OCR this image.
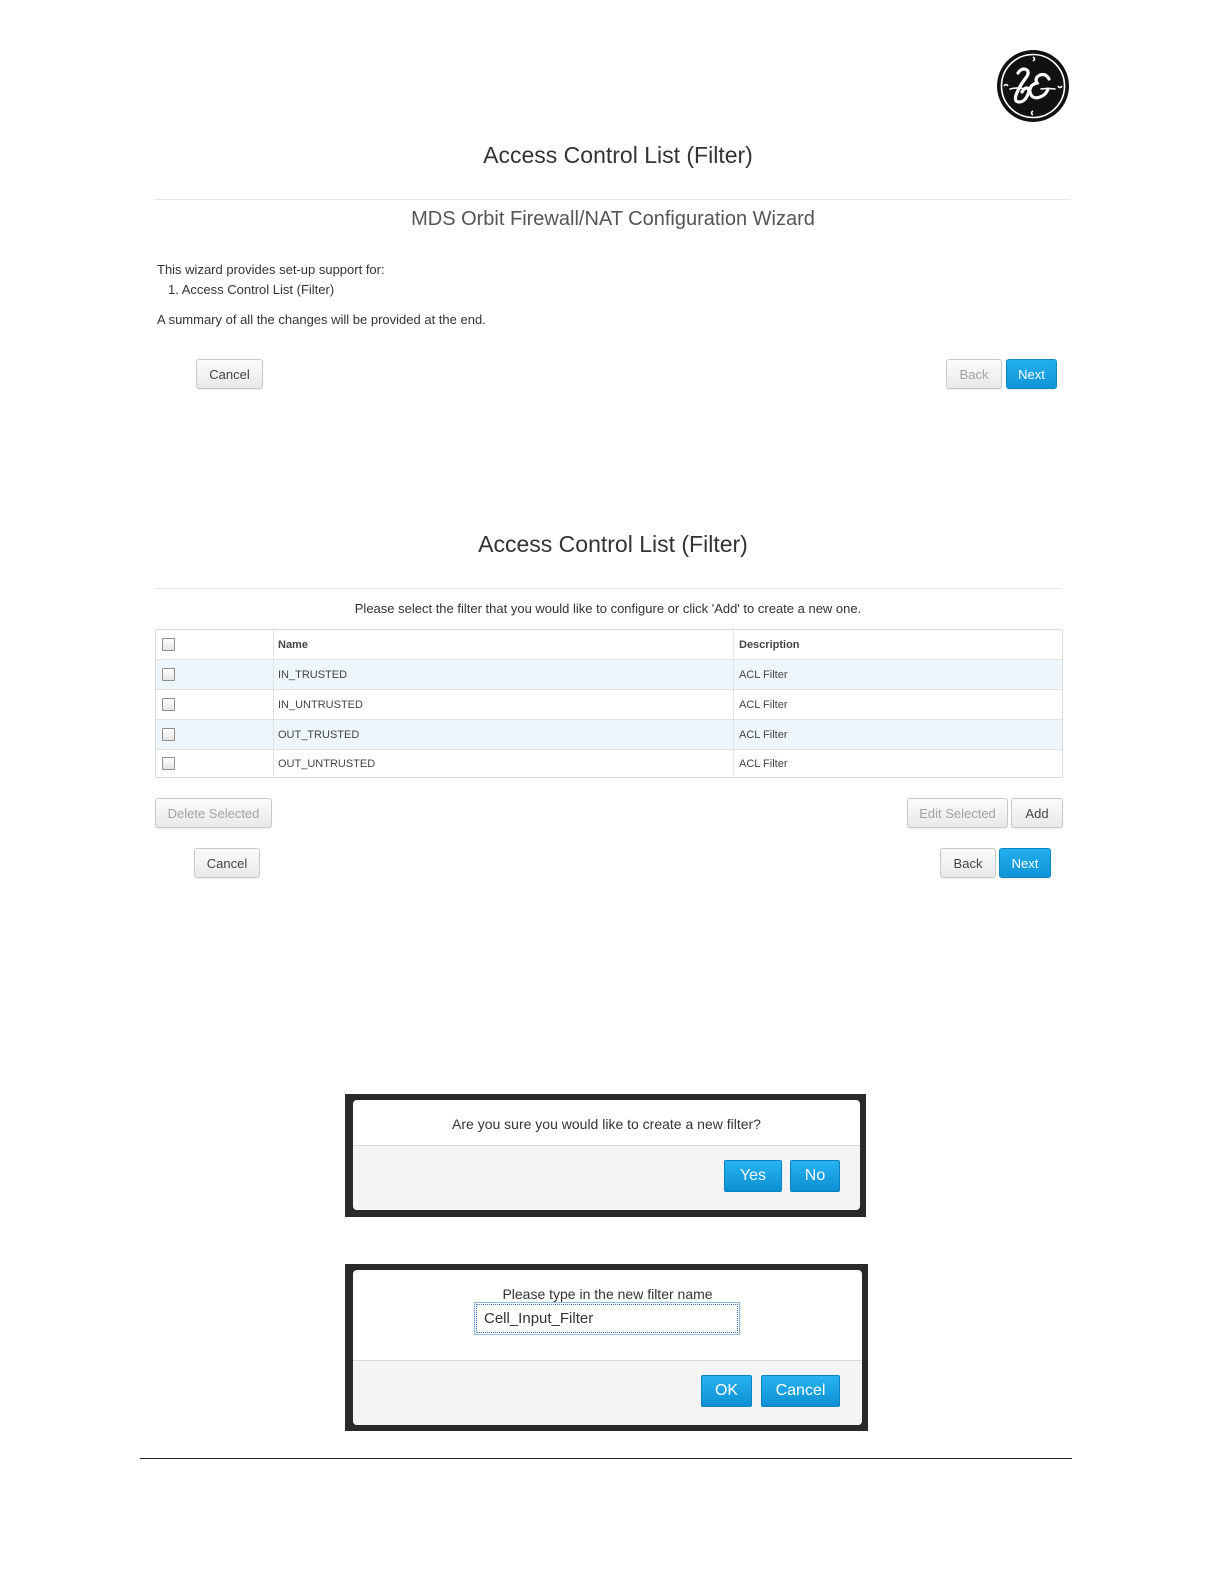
Access Control List (Filter)
MDS Orbit Firewall/NAT Configuration Wizard
This wizard provides set-up support for:
1. Access Control List (Filter)
A summary of all the changes will be provided at the end.
Cancel	Back	Next
Access Control List (Filter)
Please select the filter that you would like to configure or click 'Add' to create a new one.
Name	Description
IN_TRUSTED	ACL Filter
IN_UNTRUSTED	ACL Filter
OUT_TRUSTED	ACL Filter
OUT_UNTRUSTED	ACL Filter
Delete Selected	Edit Selected	Add
Cancel	Back	Next
Are you sure you would like to create a new filter?
Yes	No
Please type in the new filter name
Cell_Input_Filter
OK	Cancel
